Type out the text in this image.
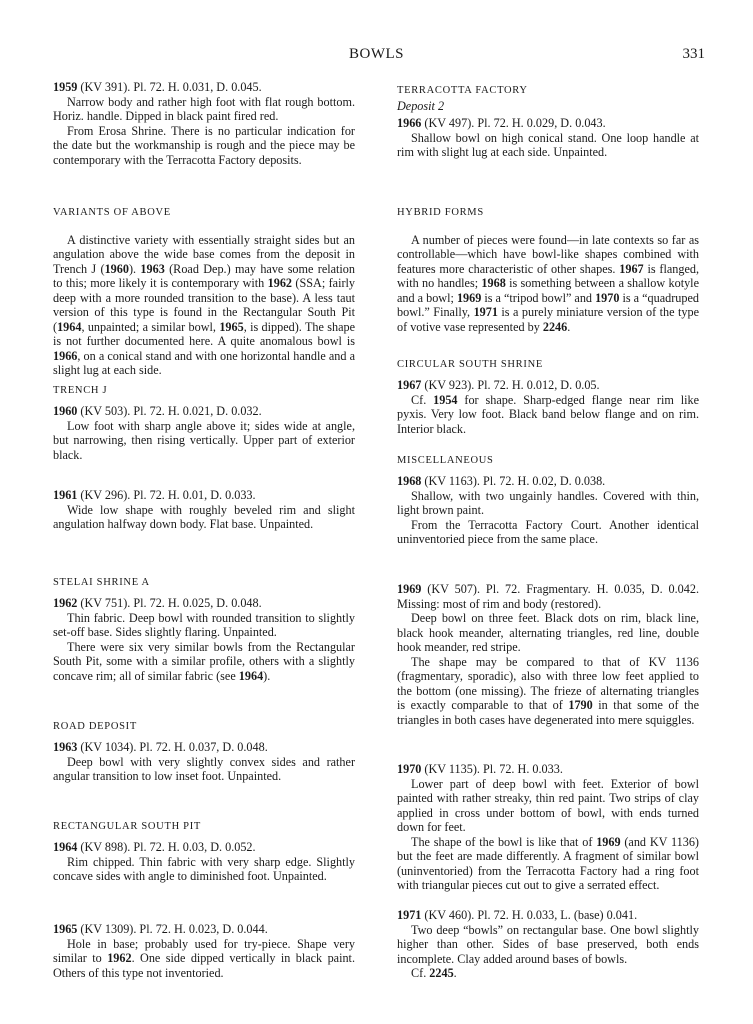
BOWLS	331

1959 (KV 391). Pl. 72. H. 0.031, D. 0.045.

Narrow body and rather high foot with flat rough bottom. Horiz. handle. Dipped in black paint fired red.

From Erosa Shrine. There is no particular indication for the date but the workmanship is rough and the piece may be contemporary with the Terracotta Factory deposits.

VARIANTS OF ABOVE

A distinctive variety with essentially straight sides but an angulation above the wide base comes from the deposit in Trench J (1960). 1963 (Road Dep.) may have some relation to this; more likely it is contemporary with 1962 (SSA; fairly deep with a more rounded transition to the base). A less taut version of this type is found in the Rectangular South Pit (1964, unpainted; a similar bowl, 1965, is dipped). The shape is not further documented here. A quite anomalous bowl is 1966, on a conical stand and with one horizontal handle and a slight lug at each side.

TRENCH J

1960 (KV 503). Pl. 72. H. 0.021, D. 0.032.

Low foot with sharp angle above it; sides wide at angle, but narrowing, then rising vertically. Upper part of exterior black.

1961 (KV 296). Pl. 72. H. 0.01, D. 0.033.

Wide low shape with roughly beveled rim and slight angulation halfway down body. Flat base. Unpainted.

STELAI SHRINE A

1962 (KV 751). Pl. 72. H. 0.025, D. 0.048.

Thin fabric. Deep bowl with rounded transition to slightly set-off base. Sides slightly flaring. Unpainted.

There were six very similar bowls from the Rectangular South Pit, some with a similar profile, others with a slightly concave rim; all of similar fabric (see 1964).

ROAD DEPOSIT

1963 (KV 1034). Pl. 72. H. 0.037, D. 0.048.

Deep bowl with very slightly convex sides and rather angular transition to low inset foot. Unpainted.

RECTANGULAR SOUTH PIT

1964 (KV 898). Pl. 72. H. 0.03, D. 0.052.

Rim chipped. Thin fabric with very sharp edge. Slightly concave sides with angle to diminished foot. Unpainted.

1965 (KV 1309). Pl. 72. H. 0.023, D. 0.044.

Hole in base; probably used for try-piece. Shape very similar to 1962. One side dipped vertically in black paint. Others of this type not inventoried.

TERRACOTTA FACTORY

Deposit 2

1966 (KV 497). Pl. 72. H. 0.029, D. 0.043.

Shallow bowl on high conical stand. One loop handle at rim with slight lug at each side. Unpainted.

HYBRID FORMS

A number of pieces were found—in late contexts so far as controllable—which have bowl-like shapes combined with features more characteristic of other shapes. 1967 is flanged, with no handles; 1968 is something between a shallow kotyle and a bowl; 1969 is a “tripod bowl” and 1970 is a “quadruped bowl.” Finally, 1971 is a purely miniature version of the type of votive vase represented by 2246.

CIRCULAR SOUTH SHRINE

1967 (KV 923). Pl. 72. H. 0.012, D. 0.05.

Cf. 1954 for shape. Sharp-edged flange near rim like pyxis. Very low foot. Black band below flange and on rim. Interior black.

MISCELLANEOUS

1968 (KV 1163). Pl. 72. H. 0.02, D. 0.038.

Shallow, with two ungainly handles. Covered with thin, light brown paint.

From the Terracotta Factory Court. Another identical uninventoried piece from the same place.

1969 (KV 507). Pl. 72. Fragmentary. H. 0.035, D. 0.042. Missing: most of rim and body (restored).

Deep bowl on three feet. Black dots on rim, black line, black hook meander, alternating triangles, red line, double hook meander, red stripe.

The shape may be compared to that of KV 1136 (fragmentary, sporadic), also with three low feet applied to the bottom (one missing). The frieze of alternating triangles is exactly comparable to that of 1790 in that some of the triangles in both cases have degenerated into mere squiggles.

1970 (KV 1135). Pl. 72. H. 0.033.

Lower part of deep bowl with feet. Exterior of bowl painted with rather streaky, thin red paint. Two strips of clay applied in cross under bottom of bowl, with ends turned down for feet.

The shape of the bowl is like that of 1969 (and KV 1136) but the feet are made differently. A fragment of similar bowl (uninventoried) from the Terracotta Factory had a ring foot with triangular pieces cut out to give a serrated effect.

1971 (KV 460). Pl. 72. H. 0.033, L. (base) 0.041.

Two deep “bowls” on rectangular base. One bowl slightly higher than other. Sides of base preserved, both ends incomplete. Clay added around bases of bowls.

Cf. 2245.
